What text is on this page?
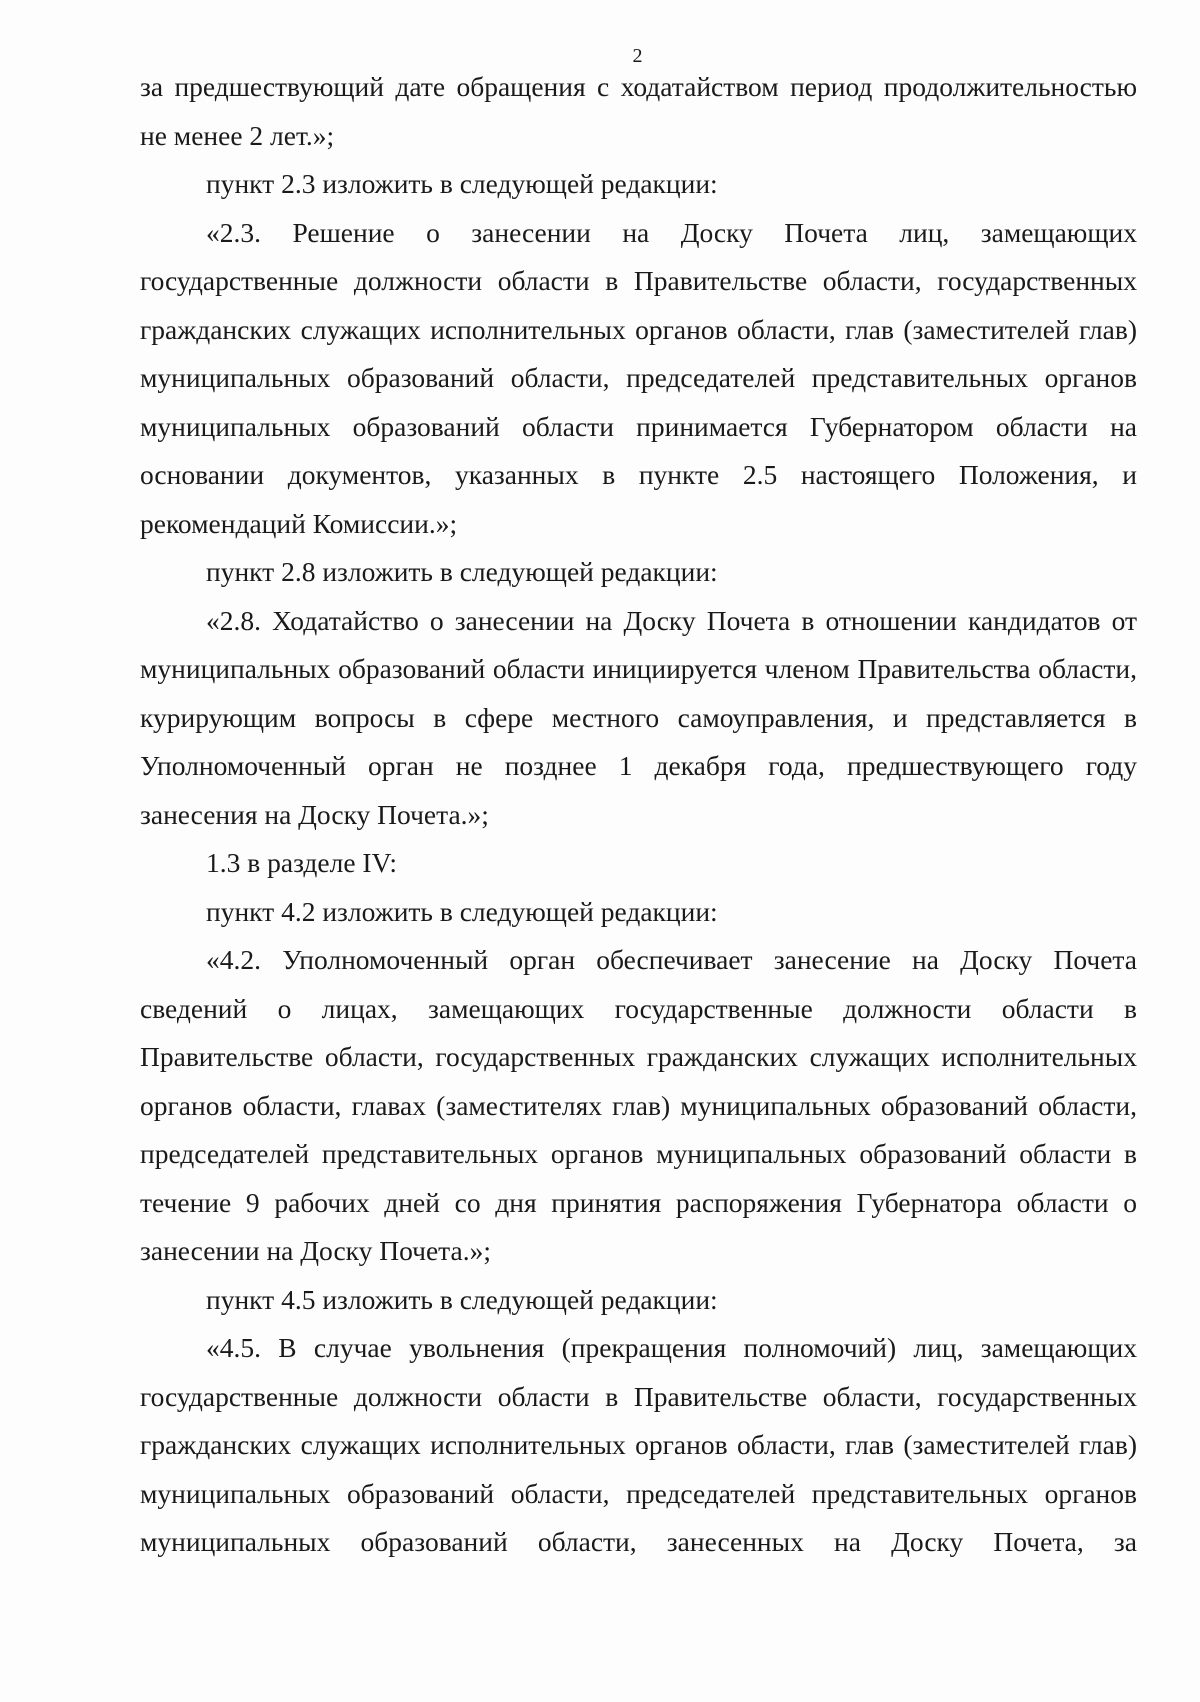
2

за предшествующий дате обращения с ходатайством период продолжительностью не менее 2 лет.»;

пункт 2.3 изложить в следующей редакции:

«2.3. Решение о занесении на Доску Почета лиц, замещающих государственные должности области в Правительстве области, государственных гражданских служащих исполнительных органов области, глав (заместителей глав) муниципальных образований области, председателей представительных органов муниципальных образований области принимается Губернатором области на основании документов, указанных в пункте 2.5 настоящего Положения, и рекомендаций Комиссии.»;

пункт 2.8 изложить в следующей редакции:

«2.8. Ходатайство о занесении на Доску Почета в отношении кандидатов от муниципальных образований области инициируется членом Правительства области, курирующим вопросы в сфере местного самоуправления, и представляется в Уполномоченный орган не позднее 1 декабря года, предшествующего году занесения на Доску Почета.»;

1.3 в разделе IV:

пункт 4.2 изложить в следующей редакции:

«4.2. Уполномоченный орган обеспечивает занесение на Доску Почета сведений о лицах, замещающих государственные должности области в Правительстве области, государственных гражданских служащих исполнительных органов области, главах (заместителях глав) муниципальных образований области, председателей представительных органов муниципальных образований области в течение 9 рабочих дней со дня принятия распоряжения Губернатора области о занесении на Доску Почета.»;

пункт 4.5 изложить в следующей редакции:

«4.5. В случае увольнения (прекращения полномочий) лиц, замещающих государственные должности области в Правительстве области, государственных гражданских служащих исполнительных органов области, глав (заместителей глав) муниципальных образований области, председателей представительных органов муниципальных образований области, занесенных на Доску Почета, за
